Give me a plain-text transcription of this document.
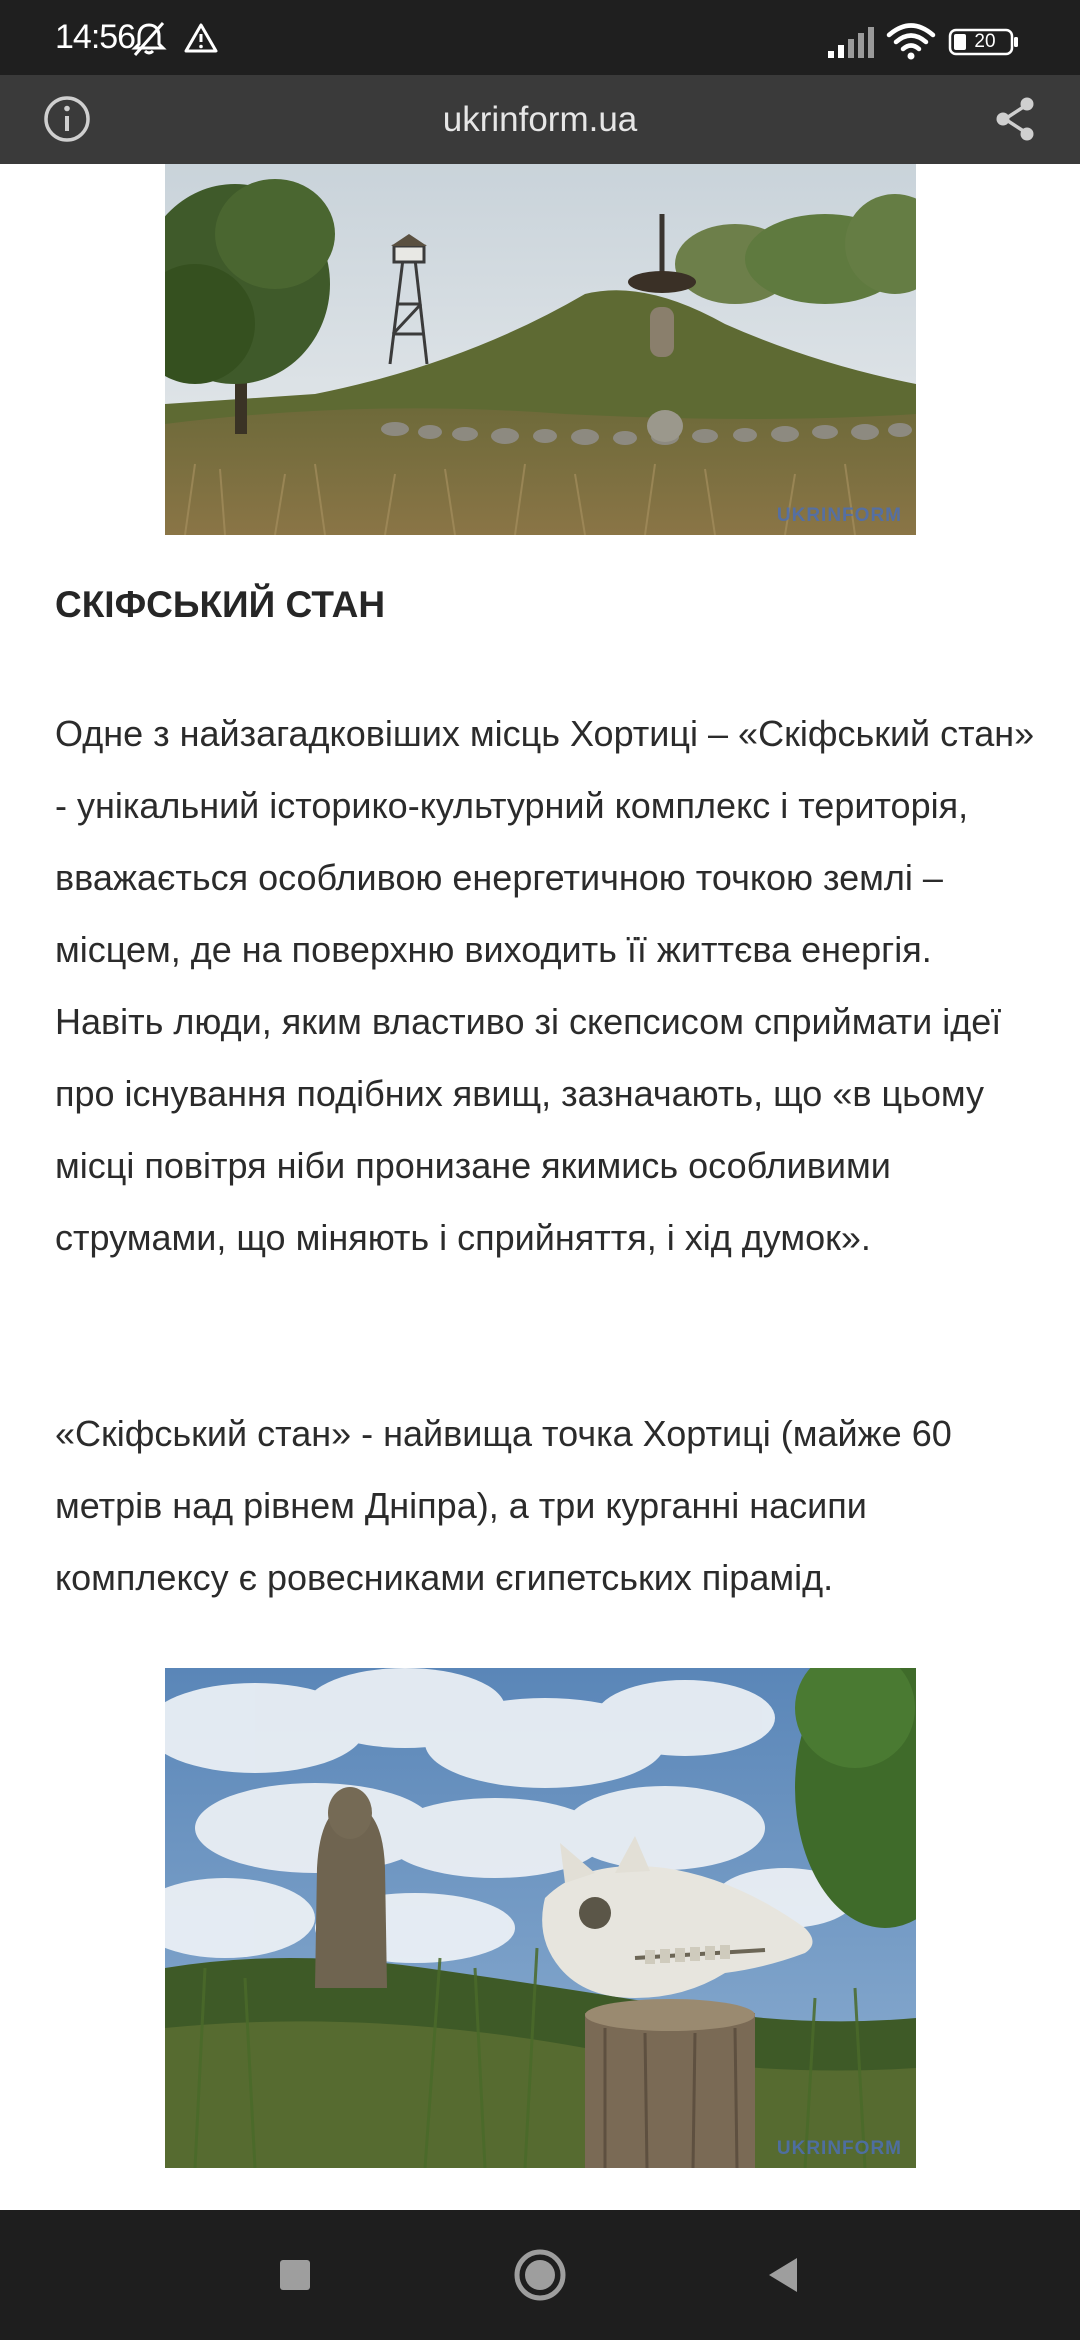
14:56	20
ukrinform.ua
UKRINFORM
СКІФСЬКИЙ СТАН

Одне з найзагадковіших місць Хортиці – «Скіфський стан» - унікальний історико-культурний комплекс і територія, вважається особливою енергетичною точкою землі – місцем, де на поверхню виходить її життєва енергія. Навіть люди, яким властиво зі скепсисом сприймати ідеї про існування подібних явищ, зазначають, що «в цьому місці повітря ніби пронизане якимись особливими струмами, що міняють і сприйняття, і хід думок».

«Скіфський стан» - найвища точка Хортиці (майже 60 метрів над рівнем Дніпра), а три курганні насипи комплексу є ровесниками єгипетських пірамід.

UKRINFORM
